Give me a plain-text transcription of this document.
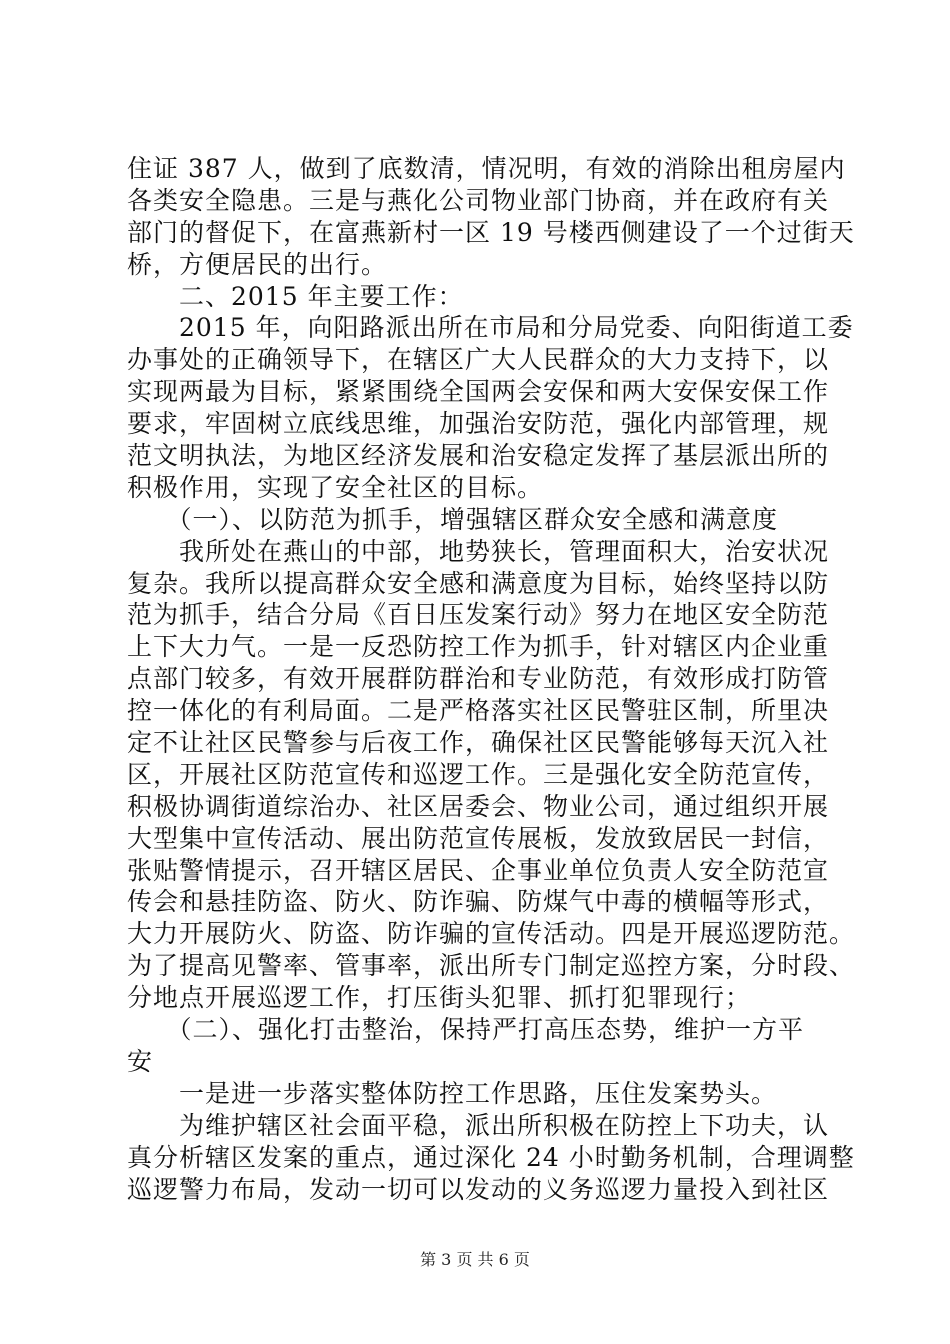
住证 387 人，做到了底数清，情况明，有效的消除出租房屋内
各类安全隐患。三是与燕化公司物业部门协商，并在政府有关
部门的督促下，在富燕新村一区 19 号楼西侧建设了一个过街天
桥，方便居民的出行。
　　二、2015 年主要工作：
　　2015 年，向阳路派出所在市局和分局党委、向阳街道工委
办事处的正确领导下，在辖区广大人民群众的大力支持下，以
实现两最为目标，紧紧围绕全国两会安保和两大安保安保工作
要求，牢固树立底线思维，加强治安防范，强化内部管理，规
范文明执法，为地区经济发展和治安稳定发挥了基层派出所的
积极作用，实现了安全社区的目标。
　　（一）、以防范为抓手，增强辖区群众安全感和满意度
　　我所处在燕山的中部，地势狭长，管理面积大，治安状况
复杂。我所以提高群众安全感和满意度为目标，始终坚持以防
范为抓手，结合分局《百日压发案行动》努力在地区安全防范
上下大力气。一是一反恐防控工作为抓手，针对辖区内企业重
点部门较多，有效开展群防群治和专业防范，有效形成打防管
控一体化的有利局面。二是严格落实社区民警驻区制，所里决
定不让社区民警参与后夜工作，确保社区民警能够每天沉入社
区，开展社区防范宣传和巡逻工作。三是强化安全防范宣传，
积极协调街道综治办、社区居委会、物业公司，通过组织开展
大型集中宣传活动、展出防范宣传展板，发放致居民一封信，
张贴警情提示，召开辖区居民、企事业单位负责人安全防范宣
传会和悬挂防盗、防火、防诈骗、防煤气中毒的横幅等形式，
大力开展防火、防盗、防诈骗的宣传活动。四是开展巡逻防范。
为了提高见警率、管事率，派出所专门制定巡控方案，分时段、
分地点开展巡逻工作，打压街头犯罪、抓打犯罪现行；
　　（二）、强化打击整治，保持严打高压态势，维护一方平
安
　　一是进一步落实整体防控工作思路，压住发案势头。
　　为维护辖区社会面平稳，派出所积极在防控上下功夫，认
真分析辖区发案的重点，通过深化 24 小时勤务机制，合理调整
巡逻警力布局，发动一切可以发动的义务巡逻力量投入到社区
第 3 页 共 6 页
